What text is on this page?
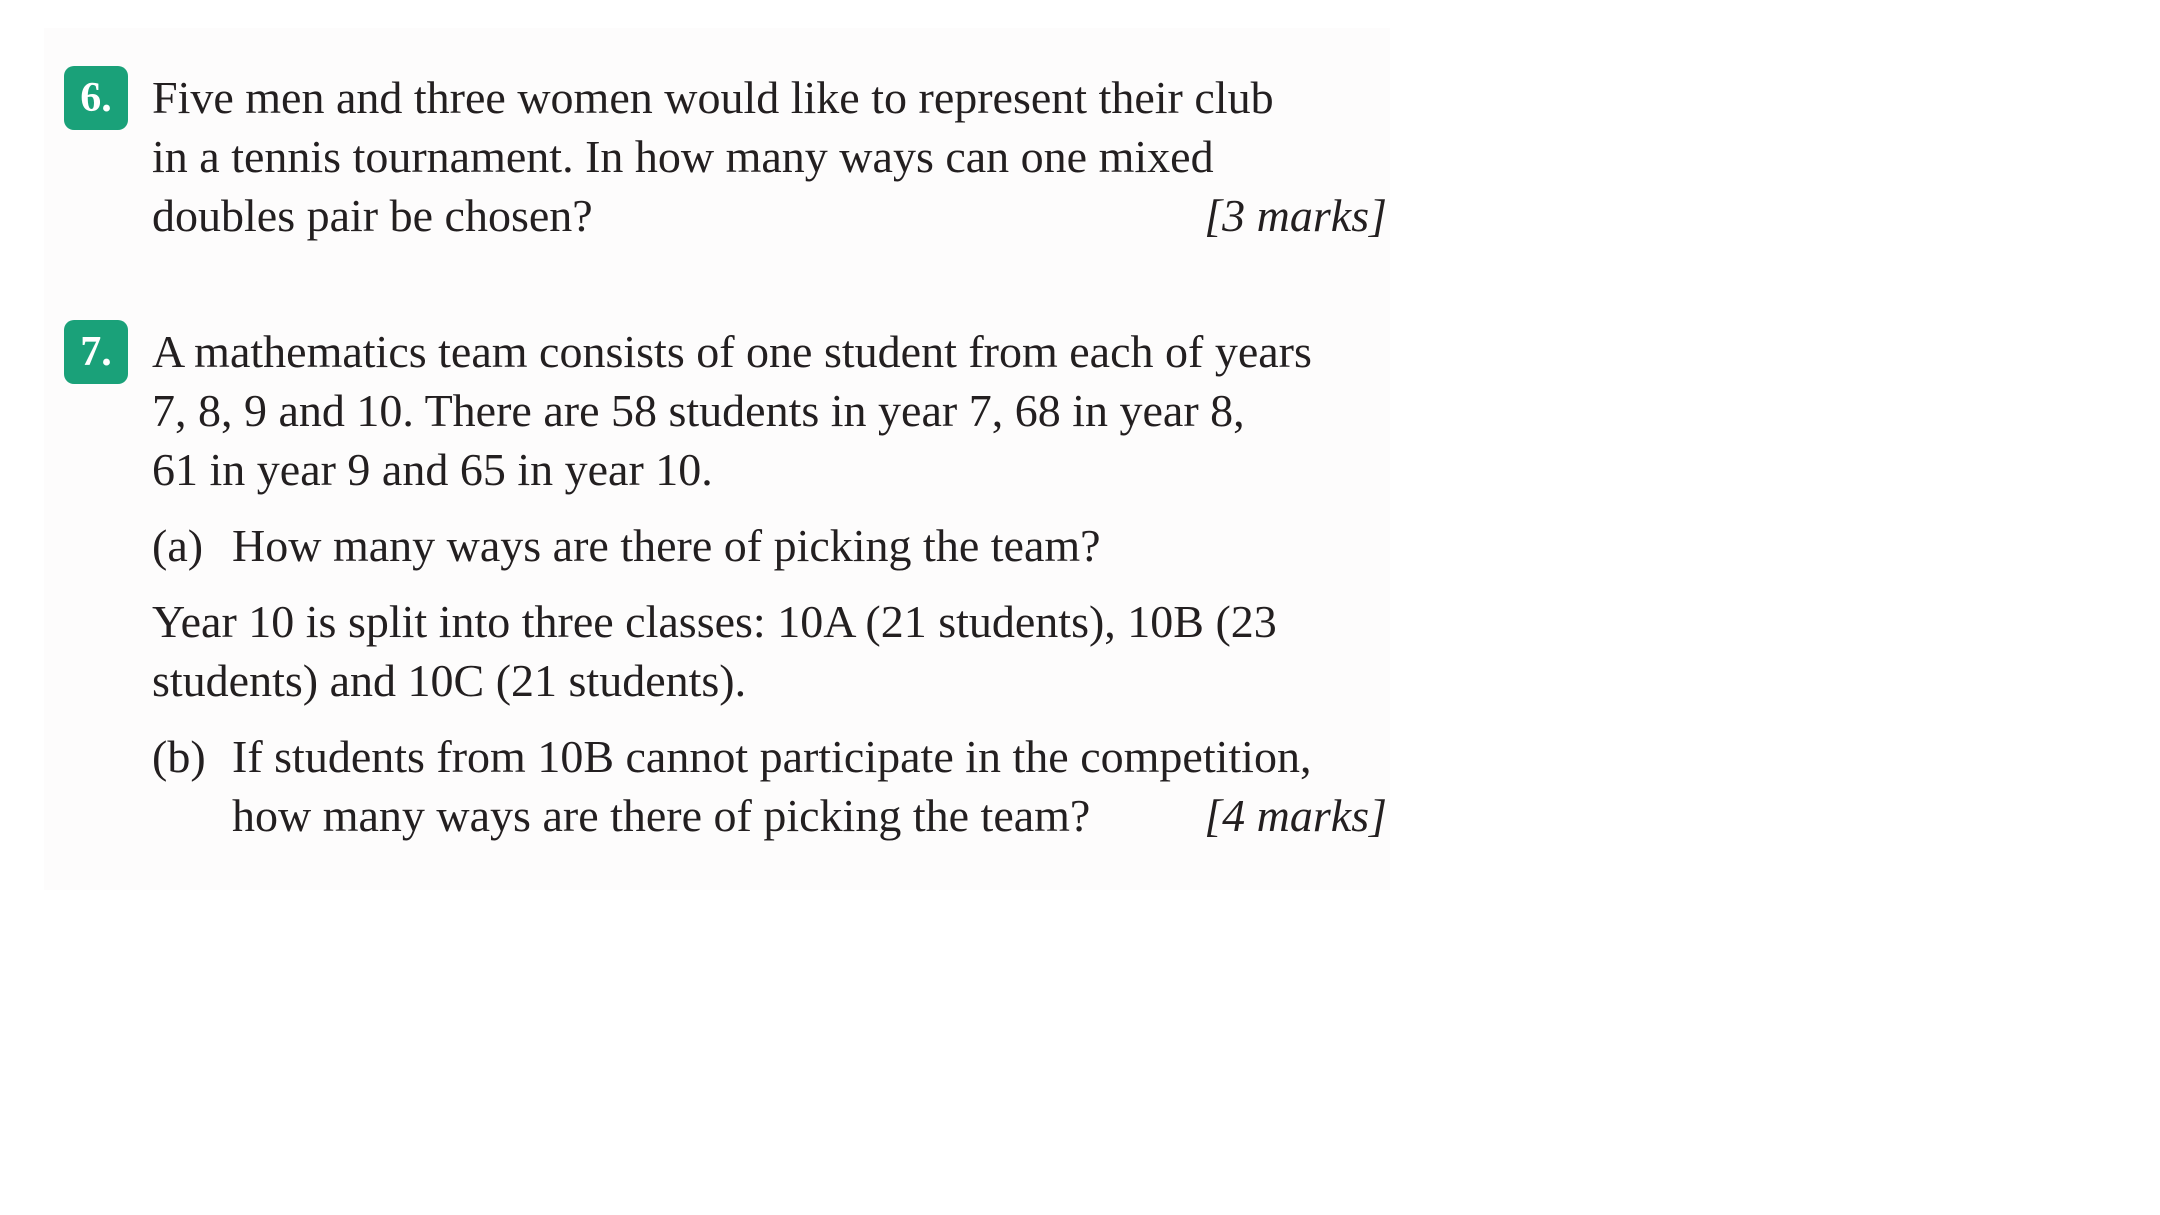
6. Five men and three women would like to represent their club
in a tennis tournament. In how many ways can one mixed
doubles pair be chosen?	[3 marks]
7. A mathematics team consists of one student from each of years
7, 8, 9 and 10. There are 58 students in year 7, 68 in year 8,
61 in year 9 and 65 in year 10.
(a) How many ways are there of picking the team?
Year 10 is split into three classes: 10A (21 students), 10B (23
students) and 10C (21 students).
(b) If students from 10B cannot participate in the competition,
how many ways are there of picking the team? [4 marks]
